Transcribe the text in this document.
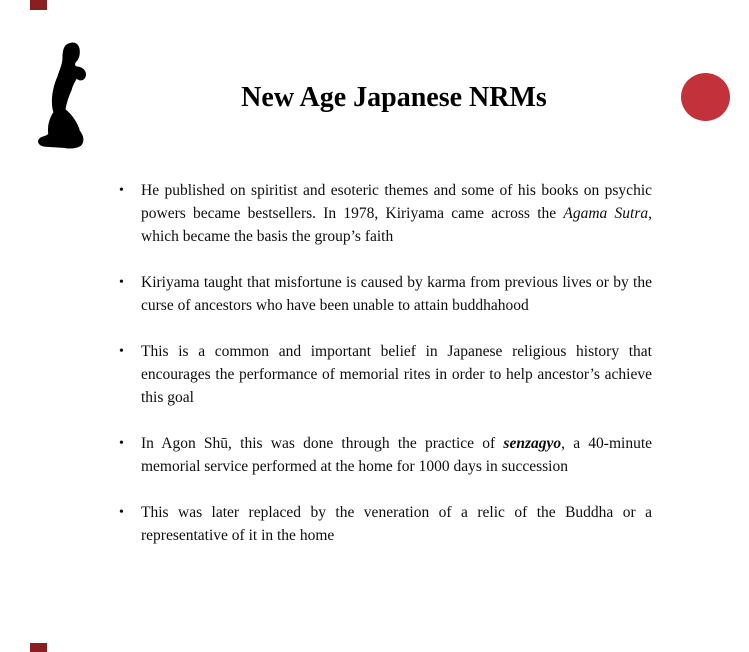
New Age Japanese NRMs
• He published on spiritist and esoteric themes and some of his books on psychic powers became bestsellers. In 1978, Kiriyama came across the Agama Sutra, which became the basis the group’s faith
• Kiriyama taught that misfortune is caused by karma from previous lives or by the curse of ancestors who have been unable to attain buddhahood
• This is a common and important belief in Japanese religious history that encourages the performance of memorial rites in order to help ancestor’s achieve this goal
• In Agon Shū, this was done through the practice of senzagyo, a 40-minute memorial service performed at the home for 1000 days in succession
• This was later replaced by the veneration of a relic of the Buddha or a representative of it in the home
